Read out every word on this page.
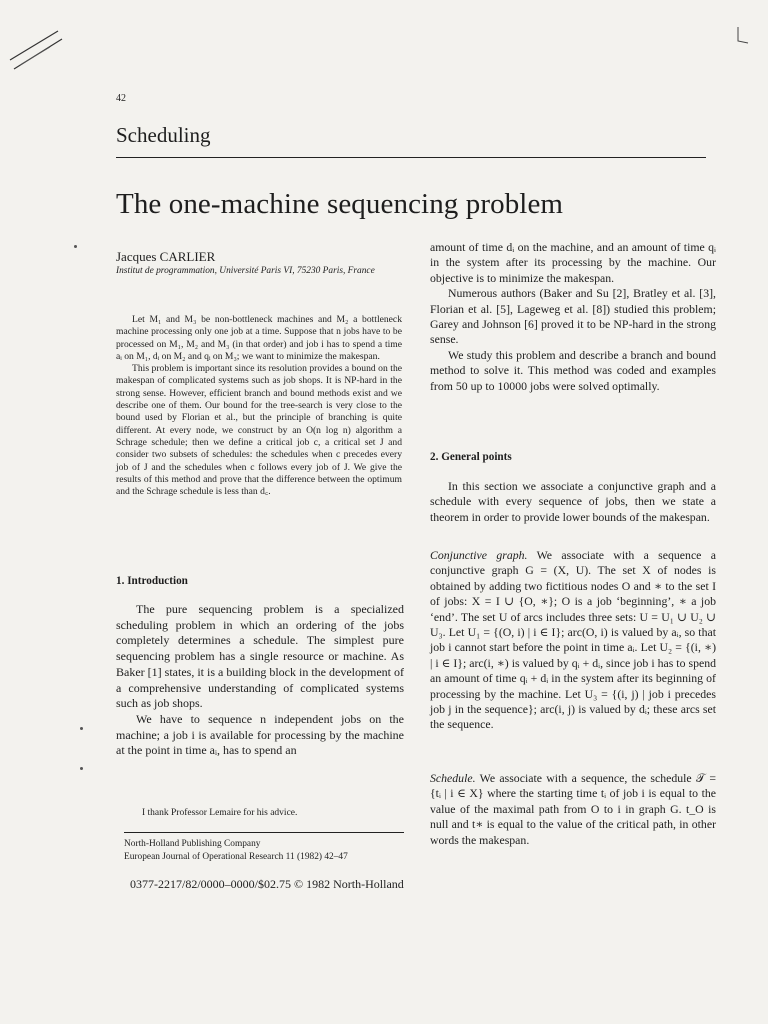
42
Scheduling
The one-machine sequencing problem
Jacques CARLIER
Institut de programmation, Université Paris VI, 75230 Paris, France

Let M₁ and M₃ be non-bottleneck machines and M₂ a bottleneck machine processing only one job at a time. Suppose that n jobs have to be processed on M₁, M₂ and M₃ (in that order) and job i has to spend a time aᵢ on M₁, dᵢ on M₂ and qᵢ on M₃; we want to minimize the makespan.

This problem is important since its resolution provides a bound on the makespan of complicated systems such as job shops. It is NP-hard in the strong sense. However, efficient branch and bound methods exist and we describe one of them. Our bound for the tree-search is very close to the bound used by Florian et al., but the principle of branching is quite different. At every node, we construct by an O(n log n) algorithm a Schrage schedule; then we define a critical job c, a critical set J and consider two subsets of schedules: the schedules when c precedes every job of J and the schedules when c follows every job of J. We give the results of this method and prove that the difference between the optimum and the Schrage schedule is less than d꜀.

1. Introduction

The pure sequencing problem is a specialized scheduling problem in which an ordering of the jobs completely determines a schedule. The simplest pure sequencing problem has a single resource or machine. As Baker [1] states, it is a building block in the development of a comprehensive understanding of complicated systems such as job shops.

We have to sequence n independent jobs on the machine; a job i is available for processing by the machine at the point in time aᵢ, has to spend an

I thank Professor Lemaire for his advice.
North-Holland Publishing Company
European Journal of Operational Research 11 (1982) 42–47
0377-2217/82/0000–0000/$02.75 © 1982 North-Holland

amount of time dᵢ on the machine, and an amount of time qᵢ in the system after its processing by the machine. Our objective is to minimize the makespan.

Numerous authors (Baker and Su [2], Bratley et al. [3], Florian et al. [5], Lageweg et al. [8]) studied this problem; Garey and Johnson [6] proved it to be NP-hard in the strong sense.

We study this problem and describe a branch and bound method to solve it. This method was coded and examples from 50 up to 10000 jobs were solved optimally.

2. General points

In this section we associate a conjunctive graph and a schedule with every sequence of jobs, then we state a theorem in order to provide lower bounds of the makespan.

Conjunctive graph. We associate with a sequence a conjunctive graph G = (X, U). The set X of nodes is obtained by adding two fictitious nodes O and ∗ to the set I of jobs: X = I ∪ {O, ∗}; O is a job ‘beginning’, ∗ a job ‘end’. The set U of arcs includes three sets: U = U₁ ∪ U₂ ∪ U₃. Let U₁ = {(O, i) | i ∈ I}; arc(O, i) is valued by aᵢ, so that job i cannot start before the point in time aᵢ. Let U₂ = {(i, ∗) | i ∈ I}; arc(i, ∗) is valued by qᵢ + dᵢ, since job i has to spend an amount of time qᵢ + dᵢ in the system after its beginning of processing by the machine. Let U₃ = {(i, j) | job i precedes job j in the sequence}; arc(i, j) is valued by dᵢ; these arcs set the sequence.

Schedule. We associate with a sequence, the schedule 𝒯 = {tᵢ | i ∈ X} where the starting time tᵢ of job i is equal to the value of the maximal path from O to i in graph G. t_O is null and t∗ is equal to the value of the critical path, in other words the makespan.
